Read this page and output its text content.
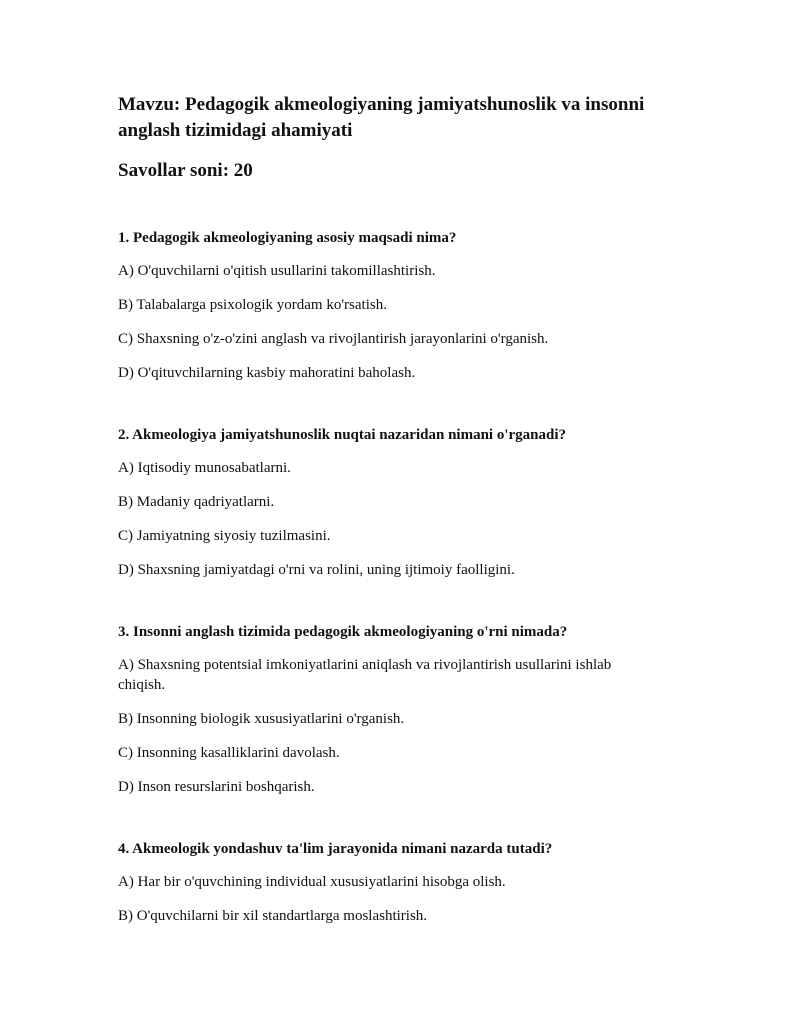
Mavzu: Pedagogik akmeologiyaning jamiyatshunoslik va insonni anglash tizimidagi ahamiyati

Savollar soni: 20

1. Pedagogik akmeologiyaning asosiy maqsadi nima?

A) O'quvchilarni o'qitish usullarini takomillashtirish.

B) Talabalarga psixologik yordam ko'rsatish.

C) Shaxsning o'z-o'zini anglash va rivojlantirish jarayonlarini o'rganish.

D) O'qituvchilarning kasbiy mahoratini baholash.

2. Akmeologiya jamiyatshunoslik nuqtai nazaridan nimani o'rganadi?

A) Iqtisodiy munosabatlarni.

B) Madaniy qadriyatlarni.

C) Jamiyatning siyosiy tuzilmasini.

D) Shaxsning jamiyatdagi o'rni va rolini, uning ijtimoiy faolligini.

3. Insonni anglash tizimida pedagogik akmeologiyaning o'rni nimada?

A) Shaxsning potentsial imkoniyatlarini aniqlash va rivojlantirish usullarini ishlab chiqish.

B) Insonning biologik xususiyatlarini o'rganish.

C) Insonning kasalliklarini davolash.

D) Inson resurslarini boshqarish.

4. Akmeologik yondashuv ta'lim jarayonida nimani nazarda tutadi?

A) Har bir o'quvchining individual xususiyatlarini hisobga olish.

B) O'quvchilarni bir xil standartlarga moslashtirish.
